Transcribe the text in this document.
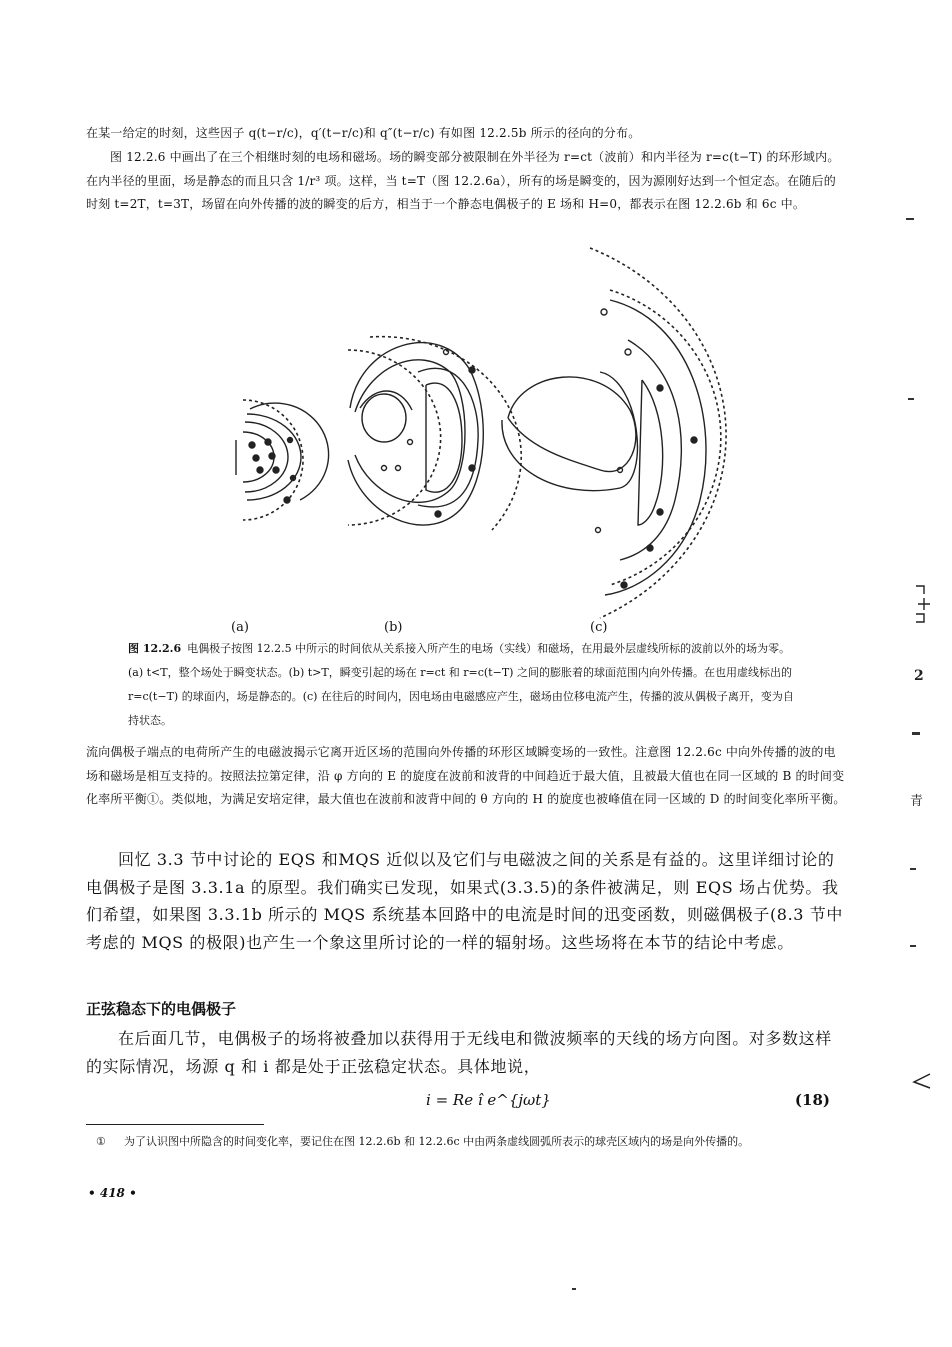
在某一给定的时刻，这些因子 q(t−r/c)，q′(t−r/c)和 q″(t−r/c) 有如图 12.2.5b 所示的径向的分布。

图 12.2.6 中画出了在三个相继时刻的电场和磁场。场的瞬变部分被限制在外半径为 r=ct（波前）和内半径为 r=c(t−T) 的环形域内。在内半径的里面，场是静态的而且只含 1/r³ 项。这样，当 t=T（图 12.2.6a），所有的场是瞬变的，因为源刚好达到一个恒定态。在随后的时刻 t=2T，t=3T，场留在向外传播的波的瞬变的后方，相当于一个静态电偶极子的 E 场和 H=0，都表示在图 12.2.6b 和 6c 中。

(a)	(b)	(c)

图 12.2.6 电偶极子按图 12.2.5 中所示的时间依从关系接入所产生的电场（实线）和磁场，在用最外层虚线所标的波前以外的场为零。(a) t<T，整个场处于瞬变状态。(b) t>T，瞬变引起的场在 r=ct 和 r=c(t−T) 之间的膨胀着的球面范围内向外传播。在也用虚线标出的 r=c(t−T) 的球面内，场是静态的。(c) 在往后的时间内，因电场由电磁感应产生，磁场由位移电流产生，传播的波从偶极子离开，变为自持状态。

流向偶极子端点的电荷所产生的电磁波揭示它离开近区场的范围向外传播的环形区域瞬变场的一致性。注意图 12.2.6c 中向外传播的波的电场和磁场是相互支持的。按照法拉第定律，沿 φ 方向的 E 的旋度在波前和波背的中间趋近于最大值，且被最大值也在同一区域的 B 的时间变化率所平衡①。类似地，为满足安培定律，最大值也在波前和波背中间的 θ 方向的 H 的旋度也被峰值在同一区域的 D 的时间变化率所平衡。

回忆 3.3 节中讨论的 EQS 和MQS 近似以及它们与电磁波之间的关系是有益的。这里详细讨论的电偶极子是图 3.3.1a 的原型。我们确实已发现，如果式(3.3.5)的条件被满足，则 EQS 场占优势。我们希望，如果图 3.3.1b 所示的 MQS 系统基本回路中的电流是时间的迅变函数，则磁偶极子(8.3 节中考虑的 MQS 的极限)也产生一个象这里所讨论的一样的辐射场。这些场将在本节的结论中考虑。

正弦稳态下的电偶极子

在后面几节，电偶极子的场将被叠加以获得用于无线电和微波频率的天线的场方向图。对多数这样的实际情况，场源 q 和 i 都是处于正弦稳定状态。具体地说，

i = Re î e^{jωt}	(18)

① 为了认识图中所隐含的时间变化率，要记住在图 12.2.6b 和 12.2.6c 中由两条虚线圆弧所表示的球壳区域内的场是向外传播的。

• 418 •
2
青
